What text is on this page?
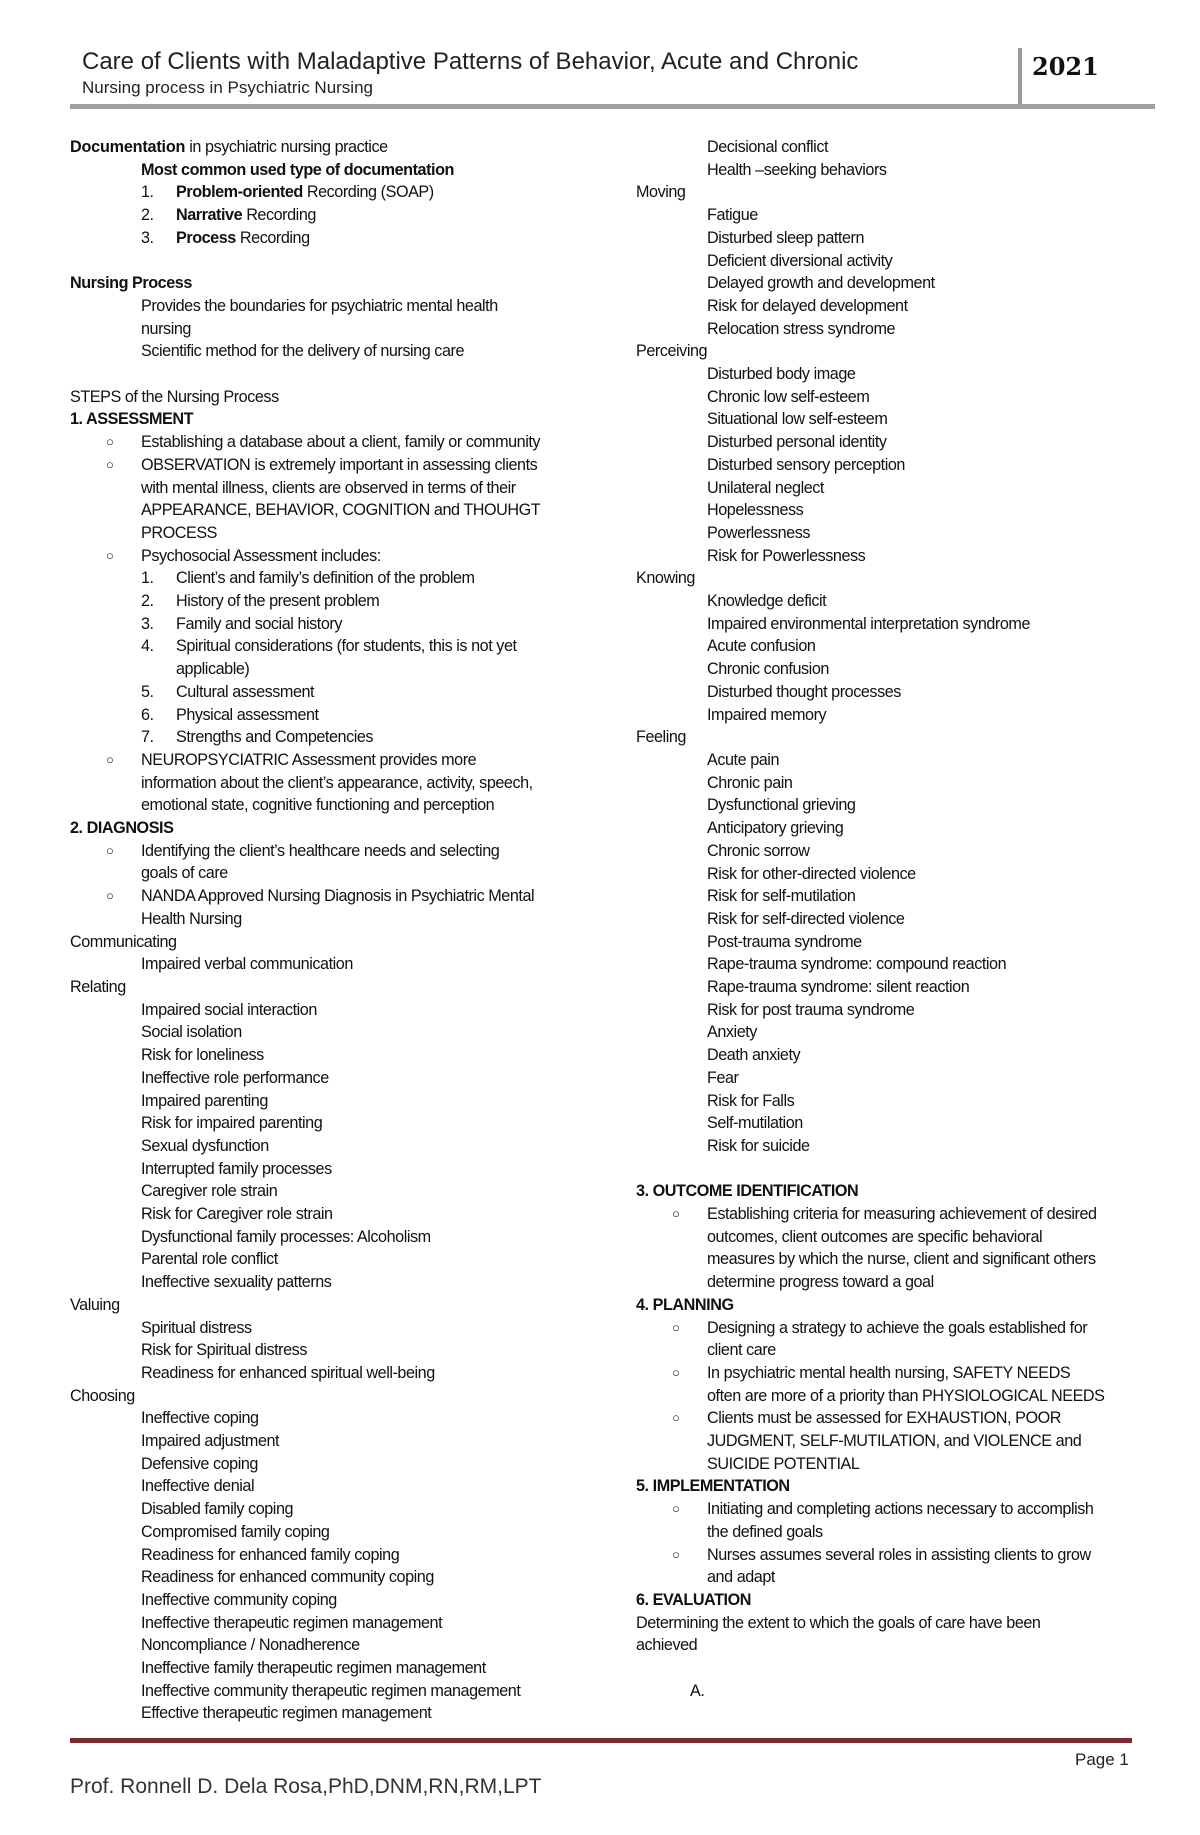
Care of Clients with Maladaptive Patterns of Behavior, Acute and Chronic
Nursing process in Psychiatric Nursing
2021
Documentation in psychiatric nursing practice
Most common used type of documentation
1. Problem-oriented Recording (SOAP)
2. Narrative Recording
3. Process Recording
Nursing Process
Provides the boundaries for psychiatric mental health
nursing
Scientific method for the delivery of nursing care
STEPS of the Nursing Process
1. ASSESSMENT
○ Establishing a database about a client, family or community
○ OBSERVATION is extremely important in assessing clients
with mental illness, clients are observed in terms of their
APPEARANCE, BEHAVIOR, COGNITION and THOUHGT
PROCESS
○ Psychosocial Assessment includes:
1. Client’s and family’s definition of the problem
2. History of the present problem
3. Family and social history
4. Spiritual considerations (for students, this is not yet
applicable)
5. Cultural assessment
6. Physical assessment
7. Strengths and Competencies
○ NEUROPSYCIATRIC Assessment provides more
information about the client’s appearance, activity, speech,
emotional state, cognitive functioning and perception
2. DIAGNOSIS
○ Identifying the client’s healthcare needs and selecting
goals of care
○ NANDA Approved Nursing Diagnosis in Psychiatric Mental
Health Nursing
Communicating
Impaired verbal communication
Relating
Impaired social interaction
Social isolation
Risk for loneliness
Ineffective role performance
Impaired parenting
Risk for impaired parenting
Sexual dysfunction
Interrupted family processes
Caregiver role strain
Risk for Caregiver role strain
Dysfunctional family processes: Alcoholism
Parental role conflict
Ineffective sexuality patterns
Valuing
Spiritual distress
Risk for Spiritual distress
Readiness for enhanced spiritual well-being
Choosing
Ineffective coping
Impaired adjustment
Defensive coping
Ineffective denial
Disabled family coping
Compromised family coping
Readiness for enhanced family coping
Readiness for enhanced community coping
Ineffective community coping
Ineffective therapeutic regimen management
Noncompliance / Nonadherence
Ineffective family therapeutic regimen management
Ineffective community therapeutic regimen management
Effective therapeutic regimen management
Decisional conflict
Health –seeking behaviors
Moving
Fatigue
Disturbed sleep pattern
Deficient diversional activity
Delayed growth and development
Risk for delayed development
Relocation stress syndrome
Perceiving
Disturbed body image
Chronic low self-esteem
Situational low self-esteem
Disturbed personal identity
Disturbed sensory perception
Unilateral neglect
Hopelessness
Powerlessness
Risk for Powerlessness
Knowing
Knowledge deficit
Impaired environmental interpretation syndrome
Acute confusion
Chronic confusion
Disturbed thought processes
Impaired memory
Feeling
Acute pain
Chronic pain
Dysfunctional grieving
Anticipatory grieving
Chronic sorrow
Risk for other-directed violence
Risk for self-mutilation
Risk for self-directed violence
Post-trauma syndrome
Rape-trauma syndrome: compound reaction
Rape-trauma syndrome: silent reaction
Risk for post trauma syndrome
Anxiety
Death anxiety
Fear
Risk for Falls
Self-mutilation
Risk for suicide
3. OUTCOME IDENTIFICATION
○ Establishing criteria for measuring achievement of desired
outcomes, client outcomes are specific behavioral
measures by which the nurse, client and significant others
determine progress toward a goal
4. PLANNING
○ Designing a strategy to achieve the goals established for
client care
○ In psychiatric mental health nursing, SAFETY NEEDS
often are more of a priority than PHYSIOLOGICAL NEEDS
○ Clients must be assessed for EXHAUSTION, POOR
JUDGMENT, SELF-MUTILATION, and VIOLENCE and
SUICIDE POTENTIAL
5. IMPLEMENTATION
○ Initiating and completing actions necessary to accomplish
the defined goals
○ Nurses assumes several roles in assisting clients to grow
and adapt
6. EVALUATION
Determining the extent to which the goals of care have been
achieved
A.
Page 1
Prof. Ronnell D. Dela Rosa,PhD,DNM,RN,RM,LPT
